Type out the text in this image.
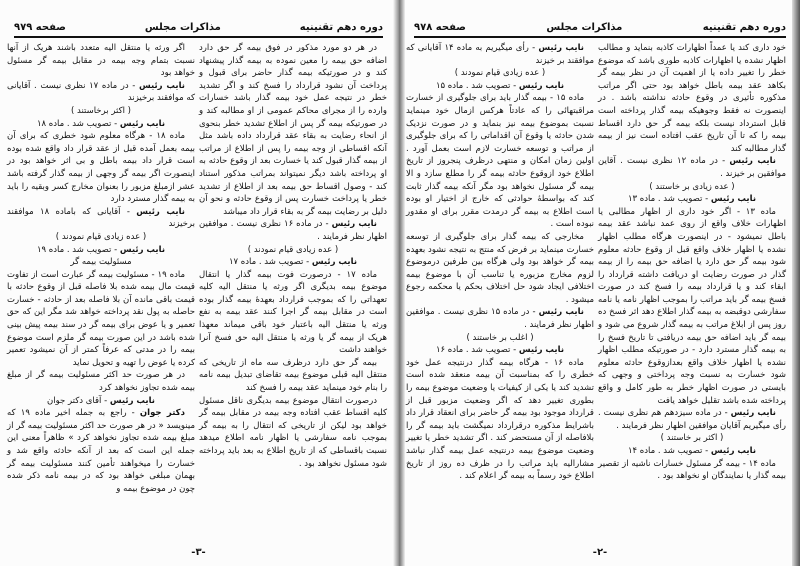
دوره دهم تقنینیه
مذاکرات مجلس
صفحه ۹۷۹

در هر دو مورد مذکور در فوق بیمه گر حق دارد اضافه حق بیمه را معین نموده به بیمه گذار پیشنهاد کند و در صورتیکه بیمه گذار حاضر برای قبول و پرداخت آن نشود قرارداد را فسخ کند و اگر تشدید خطر در نتیجه عمل خود بیمه گذار باشد خسارات وارده را از مجرای محاکم عمومی از او مطالبه کند و در صورتیکه بیمه گر پس از اطلاع تشدید خطر بنحوی از انحاء رضایت به بقاء عقد قرارداد داده باشد مثل آنکه اقساطی از وجه بیمه را پس از اطلاع از مراتب از بیمه گذار قبول کند یا خسارت بعد از وقوع حادثه به او پرداخته باشد دیگر نمیتواند بمراتب مذکور استناد کند - وصول اقساط حق بیمه بعد از اطلاع از تشدید خطر یا پرداخت خسارت پس از وقوع حادثه و نحو آن دلیل بر رضایت بیمه گر به بقاء قرار داد میباشد

نایب رئیس - در ماده ۱۶ نظری نیست . موافقین اظهار نظر فرمایند .

( عده زیادی قیام نمودند )

نایب رئیس - تصویب شد . ماده ۱۷

ماده ۱۷ - درصورت فوت بیمه گذار یا انتقال موضوع بیمه بدیگری اگر ورثه یا منتقل الیه کلیه تعهداتی را که بموجب قرارداد بعهدهٔ بیمه گذار بوده است در مقابل بیمه گر اجرا کنند عقد بیمه به نفع ورثه یا منتقل الیه باعتبار خود باقی میماند معهذا هریک از بیمه گر یا ورثه یا منتقل الیه حق فسخ آنرا خواهند داشت

بیمه گر حق دارد درظرف سه ماه از تاریخی که منتقل الیه قبلی موضوع بیمه تقاضای تبدیل بیمه نامه را بنام خود مینماید عقد بیمه را فسخ کند

درصورت انتقال موضوع بیمه بدیگری ناقل مسئول کلیه اقساط عقب افتاده وجه بیمه در مقابل بیمه گر خواهد بود لیکن از تاریخی که انتقال را به بیمه گر بموجب نامه سفارشی یا اظهار نامه اطلاع میدهد نسبت باقساطی که از تاریخ اطلاع به بعد باید پرداخته شود مسئول نخواهد بود .

اگر ورثه یا منتقل الیه متعدد باشند هریک از آنها نسبت بتمام وجه بیمه در مقابل بیمه گر مسئول خواهد بود

نایب رئیس - در ماده ۱۷ نظری نیست . آقایانی که موافقند برخیزند

( اکثر برخاستند )

نایب رئیس - تصویب شد . ماده ۱۸

ماده ۱۸ - هرگاه معلوم شود خطری که برای آن بیمه بعمل آمده قبل از عقد قرار داد واقع شده بوده است قرار داد بیمه باطل و بی اثر خواهد بود در اینصورت اگر بیمه گر وجهی از بیمه گذار گرفته باشد عشر ازمبلغ مزبور را بعنوان مخارج کسر وبقیه را باید به بیمه گذار مسترد دارد

نایب رئیس - آقایانی که باماده ۱۸ موافقند برخیزند

( عده زیادی قیام نمودند )

نایب رئیس - تصویب شد . ماده ۱۹

مسئولیت بیمه گر

ماده ۱۹ - مسئولیت بیمه گر عبارت است از تفاوت قیمت مال بیمه شده بلا فاصله قبل از وقوع حادثه با قیمت باقی مانده آن بلا فاصله بعد از حادثه - خسارت حاصله به پول نقد پرداخته خواهد شد مگر این که حق تعمیر و یا عوض برای بیمه گر در سند بیمه پیش بینی شده باشد در این صورت بیمه گر ملزم است موضوع بیمه را در مدتی که عرفاً کمتر از آن نمیشود تعمیر کرده یا عوض را تهیه و تحویل نماید

در هر صورت حد اکثر مسئولیت بیمه گر از مبلغ بیمه شده تجاوز نخواهد کرد

نایب رئیس - آقای دکتر جوان

دکتر جوان - راجع به جمله اخیر ماده ۱۹ که مینویسد « در هر صورت حد اکثر مسئولیت بیمه گر از مبلغ بیمه شده تجاوز نخواهد کرد » ظاهراً معنی این جمله این است که بعد از آنکه حادثه واقع شد و خسارت را میخواهند تأمین کنند مسئولیت بیمه گر بهمان مبلغی خواهد بود که در بیمه نامه ذکر شده چون در موضوع بیمه و

-۳-
دوره دهم تقنینیه
مذاکرات مجلس
صفحه ۹۷۸

خود داری کند یا عمداً اظهارات کاذبه بنماید و مطالب اظهار نشده یا اظهارات کاذبه طوری باشد که موضوع خطر را تغییر داده یا از اهمیت آن در نظر بیمه گر بکاهد عقد بیمه باطل خواهد بود حتی اگر مراتب مذکوره تأثیری در وقوع حادثه نداشته باشد . در اینصورت نه فقط وجوهیکه بیمه گذار پرداخته است قابل استرداد نیست بلکه بیمه گر حق دارد اقساط بیمه را که تا آن تاریخ عقب افتاده است نیز از بیمه گذار مطالبه کند

نایب رئیس - در ماده ۱۲ نظری نیست . آقاین موافقین بر خیزند .

( عده زیادی بر خاستند )

نایب رئیس - تصویب شد . ماده ۱۳

ماده ۱۳ - اگر خود داری از اظهار مطالبی یا اظهارات خلاف واقع از روی عمد نباشد عقد بیمه باطل نمیشود - در اینصورت هرگاه مطلب اظهار نشده یا اظهار خلاف واقع قبل از وقوع حادثه معلوم شود بیمه گر حق دارد یا اضافه حق بیمه را از بیمه گذار در صورت رضایت او دریافت داشته قرارداد را ابقاء کند و یا قرارداد بیمه را فسخ کند در صورت فسخ بیمه گر باید مراتب را بموجب اظهار نامه یا نامه سفارشی دوقبضه به بیمه گذار اطلاع دهد اثر فسخ ده روز پس از ابلاغ مراتب به بیمه گذار شروع می شود و بیمه گر باید اضافه حق بیمه دریافتی تا تاریخ فسخ را به بیمه گذار مسترد دارد - در صورتیکه مطلب اظهار نشده یا اظهار خلاف واقع بعدازوقوع حادثه معلوم شود خسارت به نسبت وجه پرداختی و وجهی که بایستی در صورت اظهار خطر به طور کامل و واقع پرداخته شده باشد تقلیل خواهد یافت

نایب رئیس - در ماده سیزدهم هم نظری نیست . رأی میگیریم آقایان موافقین اظهار نظر فرمایند .

( اکثر بر خاستند )

نایب رئیس - تصویب شد . ماده ۱۴

ماده ۱۴ - بیمه گر مسئول خسارات ناشیه از تقصیر بیمه گذار یا نمایندگان او نخواهد بود .

نایب رئیس - رأی میگیریم به ماده ۱۴ آقایانی که موافقند بر خیزند

( عده زیادی قیام نمودند )

نایب رئیس - تصویب شد . ماده ۱۵

ماده ۱۵ - بیمه گذار باید برای جلوگیری از خسارت مراقبتهائی را که عادتاً هرکس ازمال خود مینماید نسبت بموضوع بیمه نیز بنماید و در صورت نزدیک شدن حادثه یا وقوع آن اقداماتی را که برای جلوگیری از مراتب و توسعه خسارت لازم است بعمل آورد . اولین زمان امکان و منتهی درظرف پنجروز از تاریخ اطلاع خود ازوقوع حادثه بیمه گر را مطلع سازد و الا بیمه گر مسئول نخواهد بود مگر آنکه بیمه گذار ثابت کند که بواسطهٔ حوادثی که خارج از اختیار او بوده است اطلاع به بیمه گر درمدت مقرر برای او مقدور نبوده است .

مخارجی که بیمه گذار برای جلوگیری از توسعه خسارت مینماید بر فرض که منتج به نتیجه نشود بعهده بیمه گر خواهد بود ولی هرگاه بین طرفین درموضوع لزوم مخارج مزبوره یا تناسب آن با موضوع بیمه اختلافی ایجاد شود حل اختلاف بحکم یا محکمه رجوع میشود .

نایب رئیس - در ماده ۱۵ نظری نیست . موافقین اظهار نظر فرمایند .

( اغلب بر خاستند )

نایب رئیس - تصویب شد . ماده ۱۶

ماده ۱۶ - هرگاه بیمه گذار درنتیجه عمل خود خطری را که بمناسبت آن بیمه منعقد شده است تشدید کند یا یکی از کیفیات یا وضعیت موضوع بیمه را بطوری تغییر دهد که اگر وضعیت مزبور قبل از قرارداد موجود بود بیمه گر حاضر برای انعقاد قرار داد باشرایط مذکوره درقرارداد نمیگشت باید بیمه گر را بلافاصله از آن مستحضر کند . اگر تشدید خطر یا تغییر وضعیت موضوع بیمه درنتیجه عمل بیمه گذار نباشد مشارالیه باید مراتب را در ظرف ده روز از تاریخ اطلاع خود رسماً به بیمه گر اعلام کند .

-۲-
